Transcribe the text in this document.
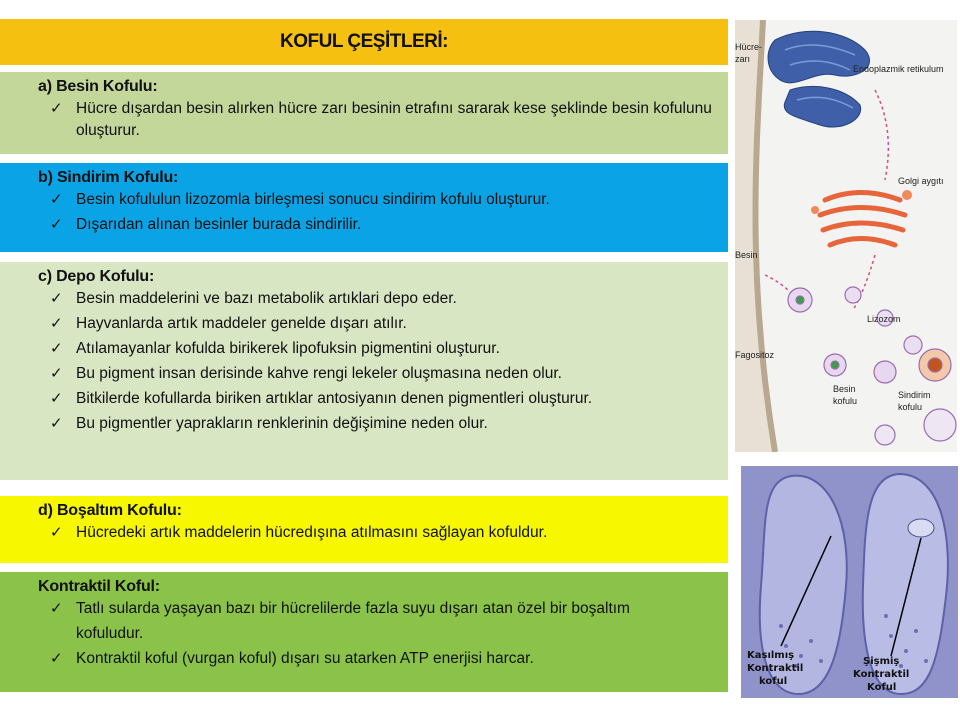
KOFUL ÇEŞİTLERİ:
a) Besin Kofulu:
✓ Hücre dışardan besin alırken hücre zarı besinin etrafını sararak kese şeklinde besin kofulunu oluşturur.
b) Sindirim Kofulu:
✓ Besin kofululun lizozomla birleşmesi sonucu sindirim kofulu oluşturur.
✓ Dışarıdan alınan besinler burada sindirilir.
c) Depo Kofulu:
✓ Besin maddelerini ve bazı metabolik artıklari depo eder.
✓ Hayvanlarda artık maddeler genelde dışarı atılır.
✓ Atılamayanlar kofulda birikerek lipofuksin pigmentini oluşturur.
✓ Bu pigment insan derisinde kahve rengi lekeler oluşmasına neden olur.
✓ Bitkilerde kofullarda biriken artıklar antosiyanın denen pigmentleri oluşturur.
✓ Bu pigmentler yaprakların renklerinin değişimine neden olur.
d) Boşaltım Kofulu:
✓ Hücredeki artık maddelerin hücredışına atılmasını sağlayan kofuldur.
Kontraktil Koful:
✓ Tatlı sularda yaşayan bazı bir hücrelilerde fazla suyu dışarı atan özel bir boşaltım kofuludur.
✓ Kontraktil koful (vurgan koful) dışarı su atarken ATP enerjisi harcar.
Hücre-
zarı
Endoplazmik retikulum
Golgi aygıtı
Besin
Lizozom
Fagositoz
Besin
kofulu
Sindirim
kofulu
Kasılmış
Kontraktil
koful
Şişmiş
Kontraktil
Koful
